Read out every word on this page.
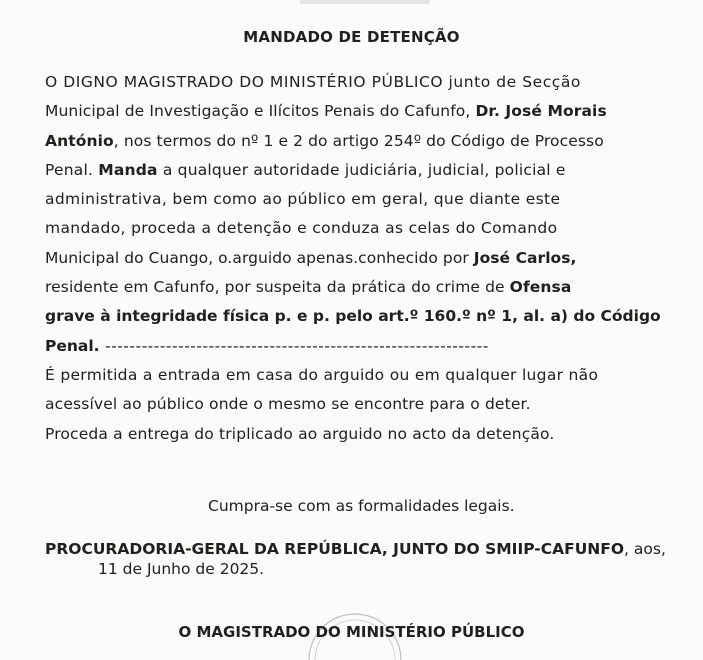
MANDADO DE DETENÇÃO
O DIGNO MAGISTRADO DO MINISTÉRIO PÚBLICO junto de Secção
Municipal de Investigação e Ilícitos Penais do Cafunfo, Dr. José Morais
António, nos termos do nº 1 e 2 do artigo 254º do Código de Processo
Penal. Manda a qualquer autoridade judiciária, judicial, policial e
administrativa, bem como ao público em geral, que diante este
mandado, proceda a detenção e conduza as celas do Comando
Municipal do Cuango, o.arguido apenas.conhecido por José Carlos,
residente em Cafunfo, por suspeita da prática do crime de Ofensa
grave à integridade física p. e p. pelo art.º 160.º nº 1, al. a) do Código
Penal. ---------------------------------------------------------------
É permitida a entrada em casa do arguido ou em qualquer lugar não
acessível ao público onde o mesmo se encontre para o deter.
Proceda a entrega do triplicado ao arguido no acto da detenção.
Cumpra-se com as formalidades legais.
PROCURADORIA-GERAL DA REPÚBLICA, JUNTO DO SMIIP-CAFUNFO, aos,
11 de Junho de 2025.
O MAGISTRADO DO MINISTÉRIO PÚBLICO
